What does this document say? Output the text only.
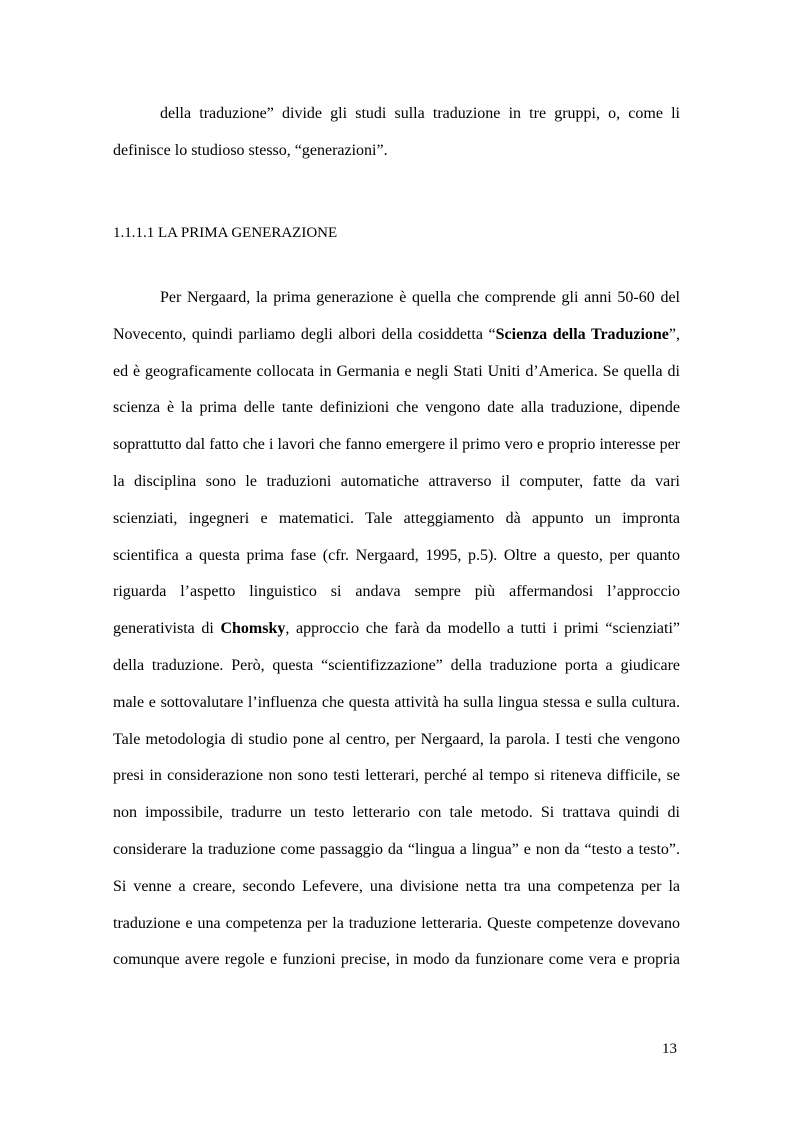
della traduzione” divide gli studi sulla traduzione in tre gruppi, o, come li
definisce lo studioso stesso, “generazioni”.

1.1.1.1 LA PRIMA GENERAZIONE

Per Nergaard, la prima generazione è quella che comprende gli anni 50-60 del
Novecento, quindi parliamo degli albori della cosiddetta “Scienza della Traduzione”,
ed è geograficamente collocata in Germania e negli Stati Uniti d’America. Se quella di
scienza è la prima delle tante definizioni che vengono date alla traduzione, dipende
soprattutto dal fatto che i lavori che fanno emergere il primo vero e proprio interesse per
la disciplina sono le traduzioni automatiche attraverso il computer, fatte da vari
scienziati, ingegneri e matematici. Tale atteggiamento dà appunto un impronta
scientifica a questa prima fase (cfr. Nergaard, 1995, p.5). Oltre a questo, per quanto
riguarda l’aspetto linguistico si andava sempre più affermandosi l’approccio
generativista di Chomsky, approccio che farà da modello a tutti i primi “scienziati”
della traduzione. Però, questa “scientifizzazione” della traduzione porta a giudicare
male e sottovalutare l’influenza che questa attività ha sulla lingua stessa e sulla cultura.
Tale metodologia di studio pone al centro, per Nergaard, la parola. I testi che vengono
presi in considerazione non sono testi letterari, perché al tempo si riteneva difficile, se
non impossibile, tradurre un testo letterario con tale metodo. Si trattava quindi di
considerare la traduzione come passaggio da “lingua a lingua” e non da “testo a testo”.
Si venne a creare, secondo Lefevere, una divisione netta tra una competenza per la
traduzione e una competenza per la traduzione letteraria. Queste competenze dovevano
comunque avere regole e funzioni precise, in modo da funzionare come vera e propria
13
